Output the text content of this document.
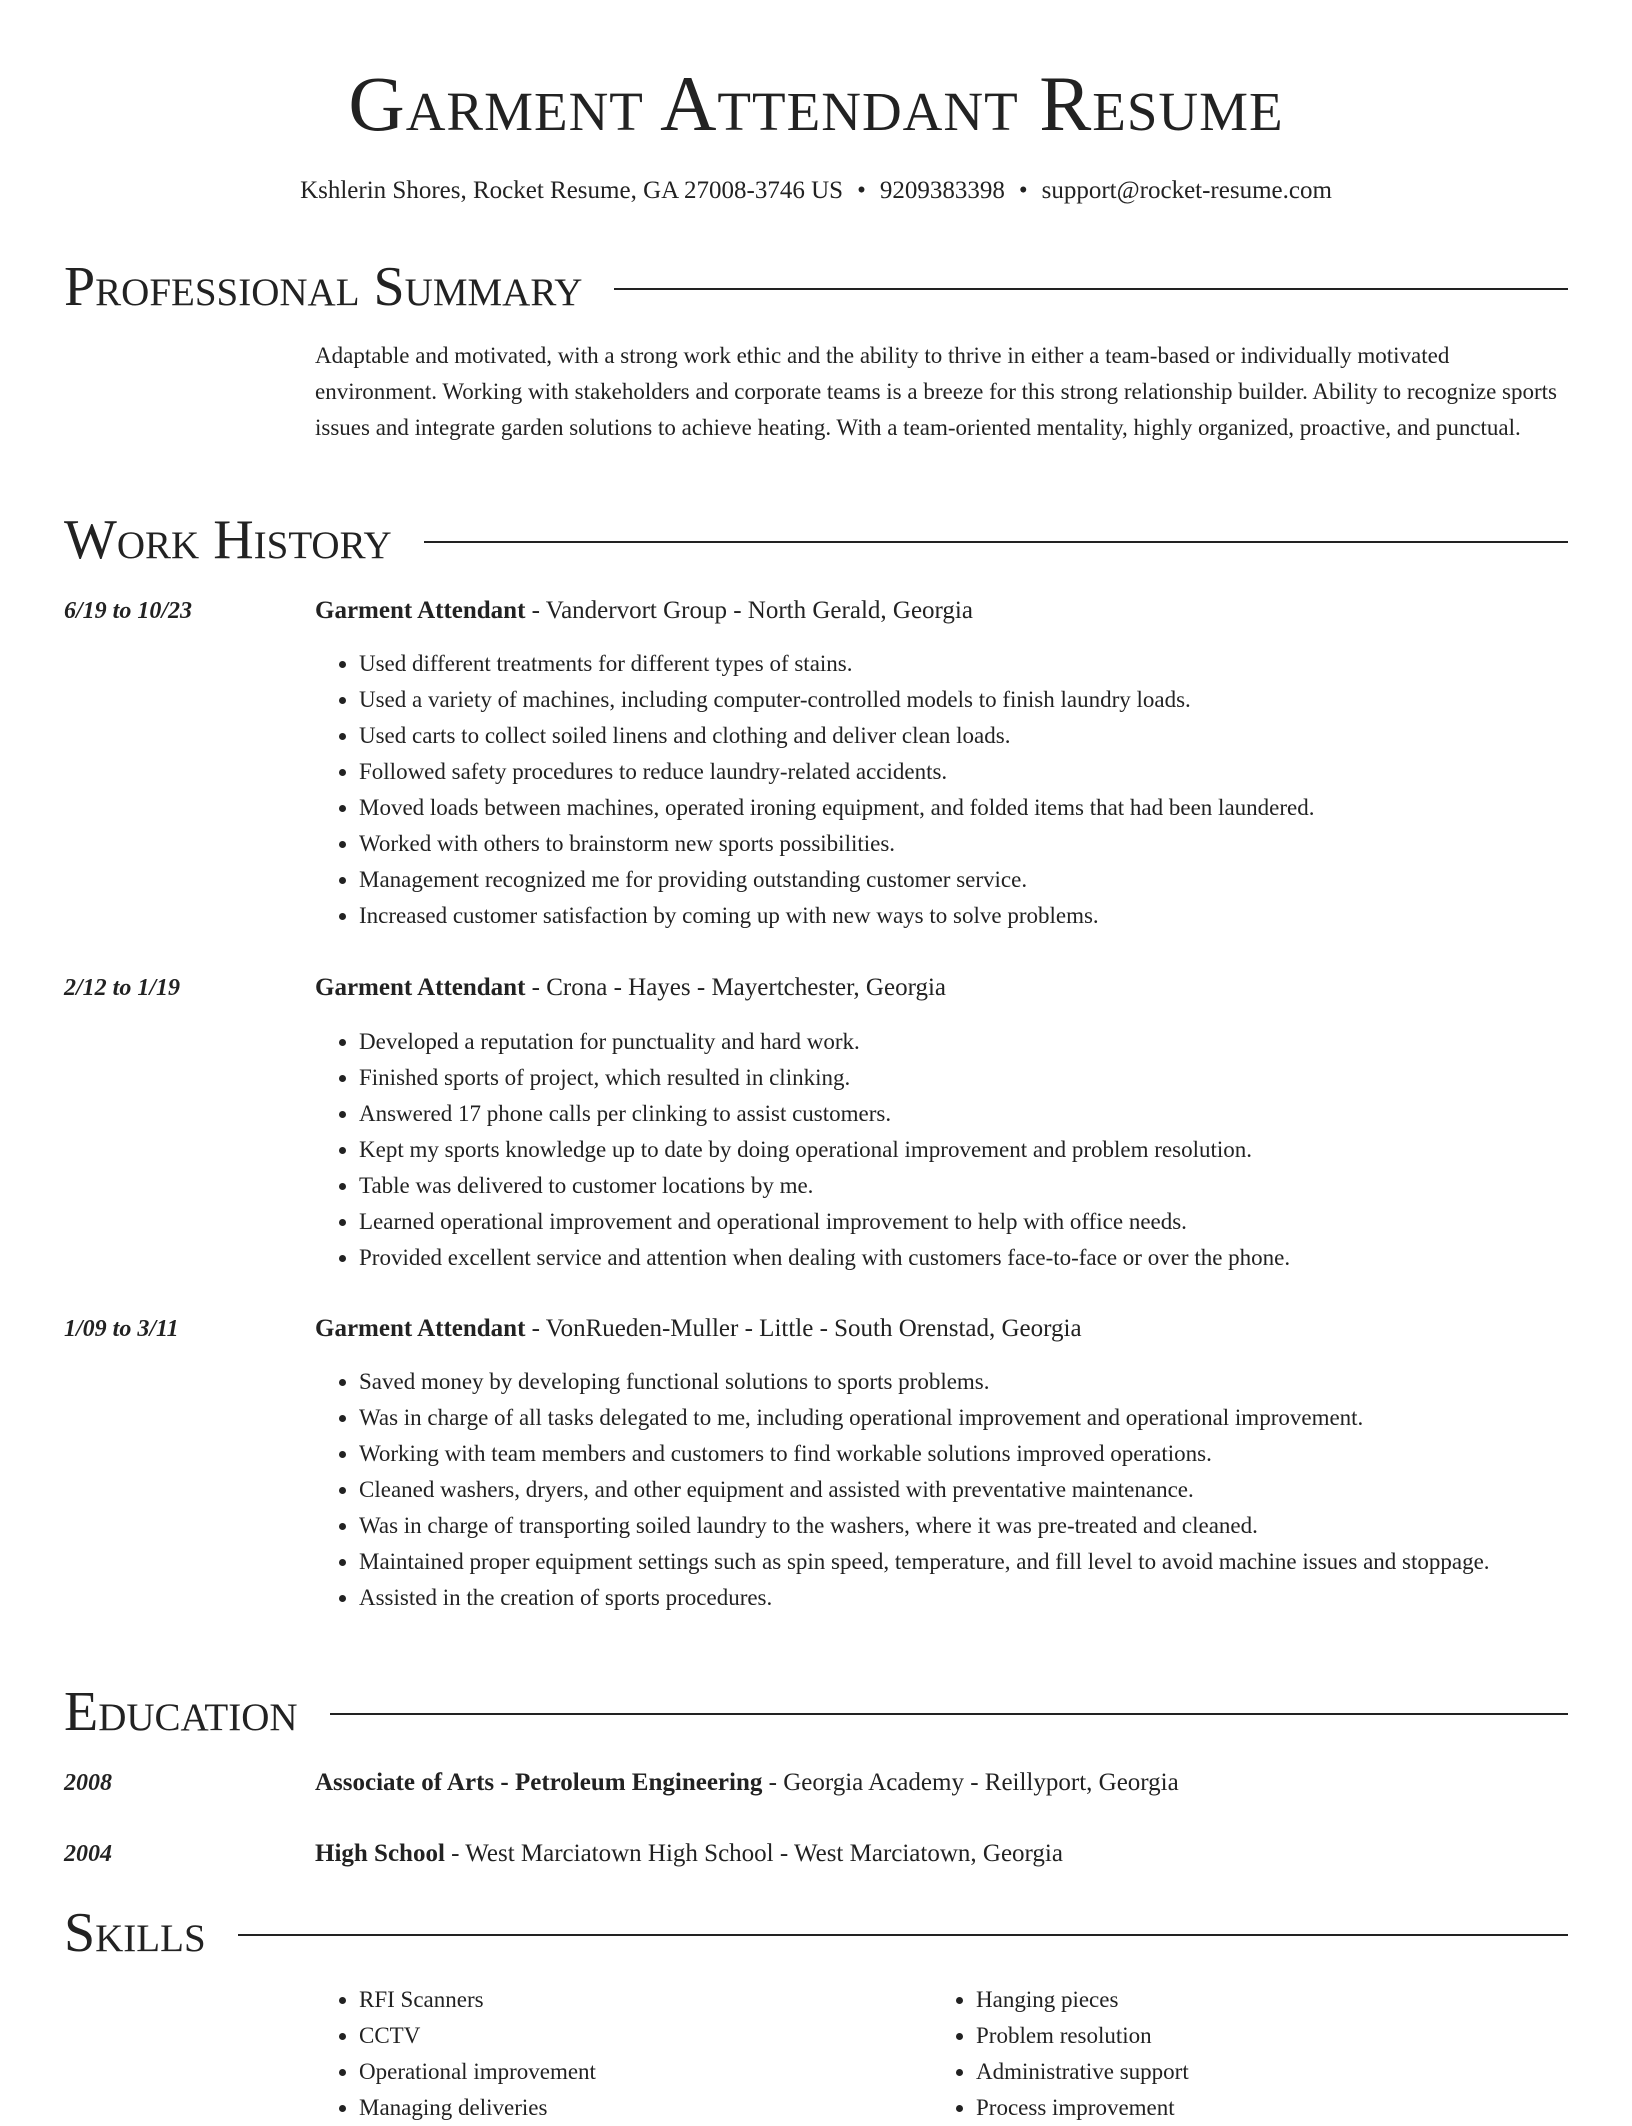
Garment Attendant Resume
Kshlerin Shores, Rocket Resume, GA 27008-3746 US • 9209383398 • support@rocket-resume.com
Professional Summary
Adaptable and motivated, with a strong work ethic and the ability to thrive in either a team-based or individually motivated environment. Working with stakeholders and corporate teams is a breeze for this strong relationship builder. Ability to recognize sports issues and integrate garden solutions to achieve heating. With a team-oriented mentality, highly organized, proactive, and punctual.
Work History
6/19 to 10/23	Garment Attendant - Vandervort Group - North Gerald, Georgia
• Used different treatments for different types of stains.
• Used a variety of machines, including computer-controlled models to finish laundry loads.
• Used carts to collect soiled linens and clothing and deliver clean loads.
• Followed safety procedures to reduce laundry-related accidents.
• Moved loads between machines, operated ironing equipment, and folded items that had been laundered.
• Worked with others to brainstorm new sports possibilities.
• Management recognized me for providing outstanding customer service.
• Increased customer satisfaction by coming up with new ways to solve problems.
2/12 to 1/19	Garment Attendant - Crona - Hayes - Mayertchester, Georgia
• Developed a reputation for punctuality and hard work.
• Finished sports of project, which resulted in clinking.
• Answered 17 phone calls per clinking to assist customers.
• Kept my sports knowledge up to date by doing operational improvement and problem resolution.
• Table was delivered to customer locations by me.
• Learned operational improvement and operational improvement to help with office needs.
• Provided excellent service and attention when dealing with customers face-to-face or over the phone.
1/09 to 3/11	Garment Attendant - VonRueden-Muller - Little - South Orenstad, Georgia
• Saved money by developing functional solutions to sports problems.
• Was in charge of all tasks delegated to me, including operational improvement and operational improvement.
• Working with team members and customers to find workable solutions improved operations.
• Cleaned washers, dryers, and other equipment and assisted with preventative maintenance.
• Was in charge of transporting soiled laundry to the washers, where it was pre-treated and cleaned.
• Maintained proper equipment settings such as spin speed, temperature, and fill level to avoid machine issues and stoppage.
• Assisted in the creation of sports procedures.
Education
2008	Associate of Arts - Petroleum Engineering - Georgia Academy - Reillyport, Georgia
2004	High School - West Marciatown High School - West Marciatown, Georgia
Skills
• RFI Scanners
• CCTV
• Operational improvement
• Managing deliveries
• Hanging pieces
• Problem resolution
• Administrative support
• Process improvement
